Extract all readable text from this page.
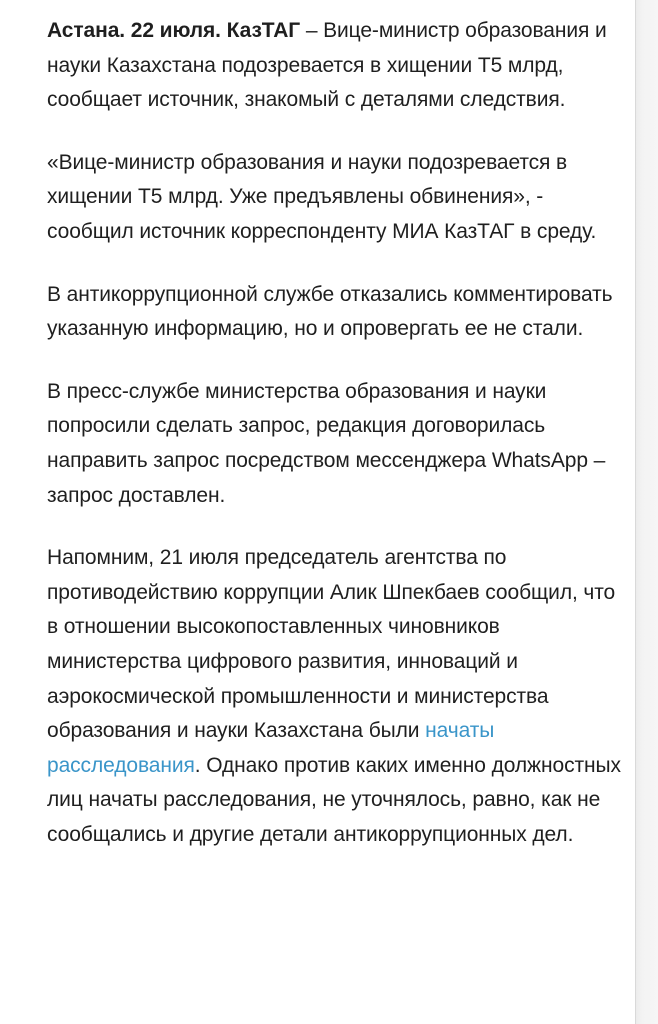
Астана. 22 июля. КазТАГ – Вице-министр образования и науки Казахстана подозревается в хищении Т5 млрд, сообщает источник, знакомый с деталями следствия.

«Вице-министр образования и науки подозревается в хищении Т5 млрд. Уже предъявлены обвинения», - сообщил источник корреспонденту МИА КазТАГ в среду.

В антикоррупционной службе отказались комментировать указанную информацию, но и опровергать ее не стали.

В пресс-службе министерства образования и науки попросили сделать запрос, редакция договорилась направить запрос посредством мессенджера WhatsApp – запрос доставлен.

Напомним, 21 июля председатель агентства по противодействию коррупции Алик Шпекбаев сообщил, что в отношении высокопоставленных чиновников министерства цифрового развития, инноваций и аэрокосмической промышленности и министерства образования и науки Казахстана были начаты расследования. Однако против каких именно должностных лиц начаты расследования, не уточнялось, равно, как не сообщались и другие детали антикоррупционных дел.
